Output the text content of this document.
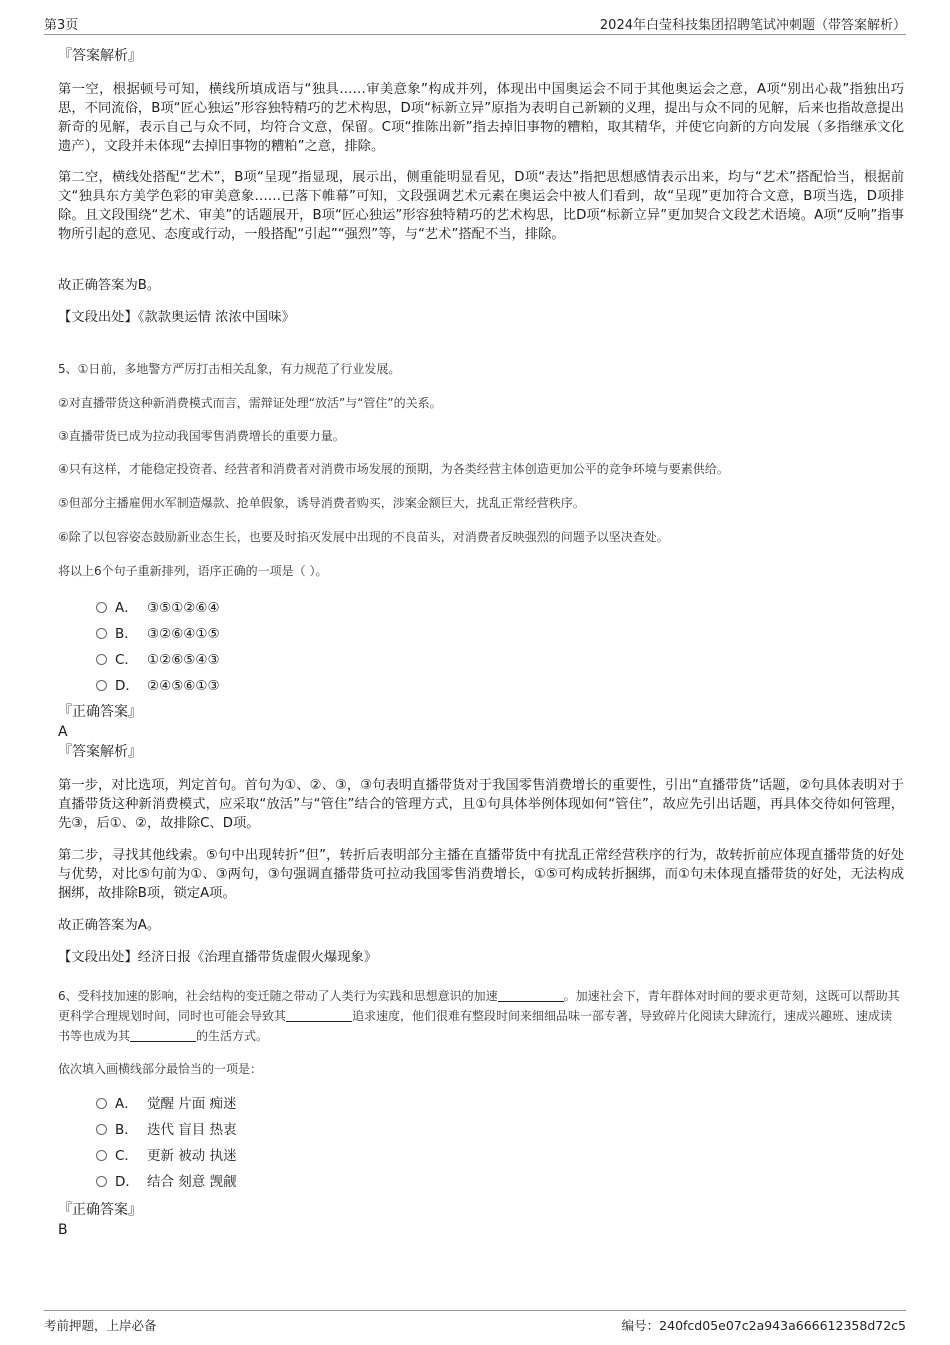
第3页	2024年白莹科技集团招聘笔试冲刺题（带答案解析）

『答案解析』

第一空，根据顿号可知，横线所填成语与“独具……审美意象”构成并列，体现出中国奥运会不同于其他奥运会之意，A项“别出心裁”指独出巧思，不同流俗，B项“匠心独运”形容独特精巧的艺术构思，D项“标新立异”原指为表明自己新颖的义理，提出与众不同的见解，后来也指故意提出新奇的见解，表示自己与众不同，均符合文意，保留。C项“推陈出新”指去掉旧事物的糟粕，取其精华，并使它向新的方向发展（多指继承文化遗产），文段并未体现“去掉旧事物的糟粕”之意，排除。

第二空，横线处搭配“艺术”，B项“呈现”指显现，展示出，侧重能明显看见，D项“表达”指把思想感情表示出来，均与“艺术”搭配恰当，根据前文“独具东方美学色彩的审美意象……已落下帷幕”可知，文段强调艺术元素在奥运会中被人们看到，故“呈现”更加符合文意，B项当选，D项排除。且文段围绕“艺术、审美”的话题展开，B项“匠心独运”形容独特精巧的艺术构思，比D项“标新立异”更加契合文段艺术语境。A项“反响”指事物所引起的意见、态度或行动，一般搭配“引起”“强烈”等，与“艺术”搭配不当，排除。

故正确答案为B。

【文段出处】《款款奥运情 浓浓中国味》

5、①日前，多地警方严厉打击相关乱象，有力规范了行业发展。

②对直播带货这种新消费模式而言，需辩证处理“放活”与“管住”的关系。

③直播带货已成为拉动我国零售消费增长的重要力量。

④只有这样，才能稳定投资者、经营者和消费者对消费市场发展的预期，为各类经营主体创造更加公平的竞争环境与要素供给。

⑤但部分主播雇佣水军制造爆款、抢单假象，诱导消费者购买，涉案金额巨大，扰乱正常经营秩序。

⑥除了以包容姿态鼓励新业态生长，也要及时掐灭发展中出现的不良苗头，对消费者反映强烈的问题予以坚决查处。

将以上6个句子重新排列，语序正确的一项是（ ）。

A． ③⑤①②⑥④
B． ③②⑥④①⑤
C． ①②⑥⑤④③
D． ②④⑤⑥①③

『正确答案』

A

『答案解析』

第一步，对比选项，判定首句。首句为①、②、③，③句表明直播带货对于我国零售消费增长的重要性，引出“直播带货”话题，②句具体表明对于直播带货这种新消费模式，应采取“放活”与“管住”结合的管理方式，且①句具体举例体现如何“管住”，故应先引出话题，再具体交待如何管理，先③，后①、②，故排除C、D项。

第二步，寻找其他线索。⑤句中出现转折“但”，转折后表明部分主播在直播带货中有扰乱正常经营秩序的行为，故转折前应体现直播带货的好处与优势，对比⑤句前为①、③两句，③句强调直播带货可拉动我国零售消费增长，①⑤可构成转折捆绑，而①句未体现直播带货的好处，无法构成捆绑，故排除B项，锁定A项。

故正确答案为A。

【文段出处】经济日报《治理直播带货虚假火爆现象》

6、受科技加速的影响，社会结构的变迁随之带动了人类行为实践和思想意识的加速	。加速社会下，青年群体对时间的要求更苛刻，这既可以帮助其更科学合理规划时间，同时也可能会导致其	追求速度，他们很难有整段时间来细细品味一部专著，导致碎片化阅读大肆流行，速成兴趣班、速成读书等也成为其	的生活方式。

依次填入画横线部分最恰当的一项是：

A． 觉醒 片面 痴迷
B． 迭代 盲目 热衷
C． 更新 被动 执迷
D． 结合 刻意 觊觎

『正确答案』

B

考前押题，上岸必备	编号：240fcd05e07c2a943a666612358d72c5
